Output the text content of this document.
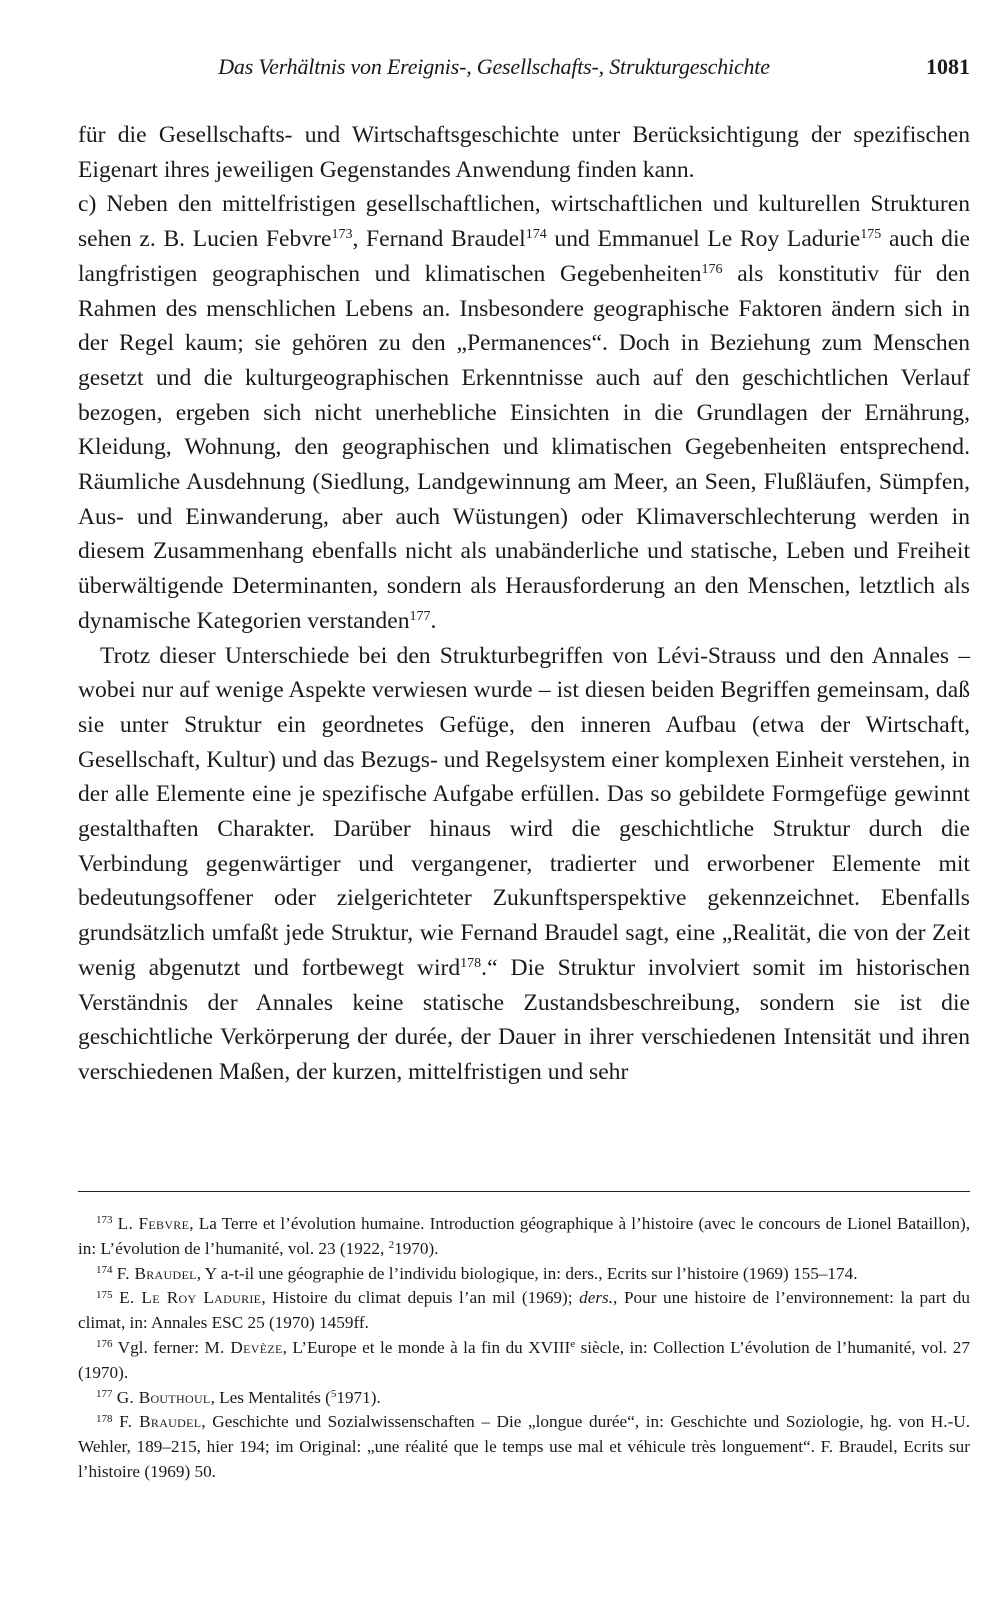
Das Verhältnis von Ereignis-, Gesellschafts-, Strukturgeschichte	1081

für die Gesellschafts- und Wirtschaftsgeschichte unter Berücksichtigung der spezifischen Eigenart ihres jeweiligen Gegenstandes Anwendung finden kann.

c) Neben den mittelfristigen gesellschaftlichen, wirtschaftlichen und kulturellen Strukturen sehen z. B. Lucien Febvre$^{173}$, Fernand Braudel$^{174}$ und Emmanuel Le Roy Ladurie$^{175}$ auch die langfristigen geographischen und klimatischen Gegebenheiten$^{176}$ als konstitutiv für den Rahmen des menschlichen Lebens an. Insbesondere geographische Faktoren ändern sich in der Regel kaum; sie gehören zu den „Permanences“. Doch in Beziehung zum Menschen gesetzt und die kulturgeographischen Erkenntnisse auch auf den geschichtlichen Verlauf bezogen, ergeben sich nicht unerhebliche Einsichten in die Grundlagen der Ernährung, Kleidung, Wohnung, den geographischen und klimatischen Gegebenheiten entsprechend. Räumliche Ausdehnung (Siedlung, Landgewinnung am Meer, an Seen, Flußläufen, Sümpfen, Aus- und Einwanderung, aber auch Wüstungen) oder Klimaverschlechterung werden in diesem Zusammenhang ebenfalls nicht als unabänderliche und statische, Leben und Freiheit überwältigende Determinanten, sondern als Herausforderung an den Menschen, letztlich als dynamische Kategorien verstanden$^{177}$.

Trotz dieser Unterschiede bei den Strukturbegriffen von Lévi-Strauss und den Annales – wobei nur auf wenige Aspekte verwiesen wurde – ist diesen beiden Begriffen gemeinsam, daß sie unter Struktur ein geordnetes Gefüge, den inneren Aufbau (etwa der Wirtschaft, Gesellschaft, Kultur) und das Bezugs- und Regelsystem einer komplexen Einheit verstehen, in der alle Elemente eine je spezifische Aufgabe erfüllen. Das so gebildete Formgefüge gewinnt gestalthaften Charakter. Darüber hinaus wird die geschichtliche Struktur durch die Verbindung gegenwärtiger und vergangener, tradierter und erworbener Elemente mit bedeutungsoffener oder zielgerichteter Zukunftsperspektive gekennzeichnet. Ebenfalls grundsätzlich umfaßt jede Struktur, wie Fernand Braudel sagt, eine „Realität, die von der Zeit wenig abgenutzt und fortbewegt wird$^{178}$.“ Die Struktur involviert somit im historischen Verständnis der Annales keine statische Zustandsbeschreibung, sondern sie ist die geschichtliche Verkörperung der durée, der Dauer in ihrer verschiedenen Intensität und ihren verschiedenen Maßen, der kurzen, mittelfristigen und sehr

$^{173}$ L. Febvre, La Terre et l’évolution humaine. Introduction géographique à l’histoire (avec le concours de Lionel Bataillon), in: L’évolution de l’humanité, vol. 23 (1922, $^2$1970).

$^{174}$ F. Braudel, Y a-t-il une géographie de l’individu biologique, in: ders., Ecrits sur l’histoire (1969) 155–174.

$^{175}$ E. Le Roy Ladurie, Histoire du climat depuis l’an mil (1969); ders., Pour une histoire de l’environnement: la part du climat, in: Annales ESC 25 (1970) 1459ff.

$^{176}$ Vgl. ferner: M. Devèze, L’Europe et le monde à la fin du XVIIIe siècle, in: Collection L’évolution de l’humanité, vol. 27 (1970).

$^{177}$ G. Bouthoul, Les Mentalités ($^5$1971).

$^{178}$ F. Braudel, Geschichte und Sozialwissenschaften – Die „longue durée“, in: Geschichte und Soziologie, hg. von H.-U. Wehler, 189–215, hier 194; im Original: „une réalité que le temps use mal et véhicule très longuement“. F. Braudel, Ecrits sur l’histoire (1969) 50.
